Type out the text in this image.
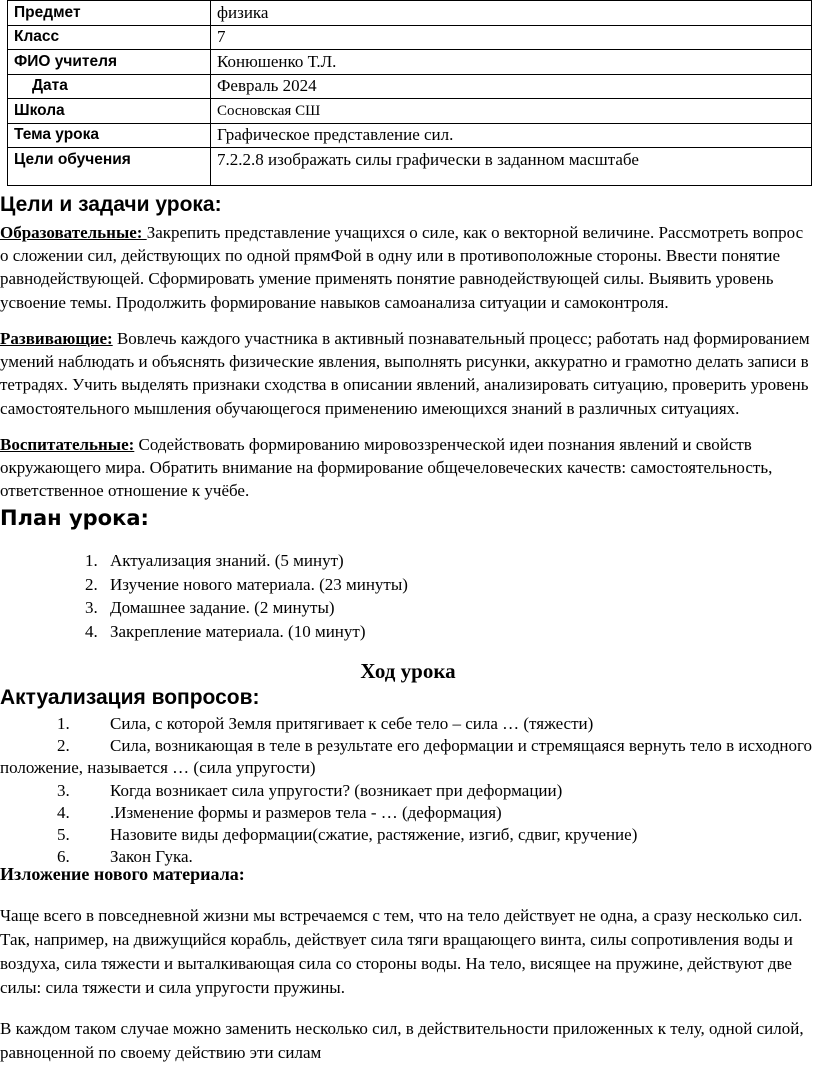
Предмет	физика
Класс	7
ФИО учителя	Конюшенко Т.Л.
Дата	Февраль 2024
Школа	Сосновская СШ
Тема урока	Графическое представление сил.
Цели обучения	7.2.2.8 изображать силы графически в заданном масштабе
Цели и задачи урока:
Образовательные: Закрепить представление учащихся о силе, как о векторной величине. Рассмотреть вопрос о сложении сил, действующих по одной прямФой в одну или в противоположные стороны. Ввести понятие равнодействующей. Сформировать умение применять понятие равнодействующей силы. Выявить уровень усвоение темы. Продолжить формирование навыков самоанализа ситуации и самоконтроля.
Развивающие: Вовлечь каждого участника в активный познавательный процесс; работать над формированием умений наблюдать и объяснять физические явления, выполнять рисунки, аккуратно и грамотно делать записи в тетрадях. Учить выделять признаки сходства в описании явлений, анализировать ситуацию, проверить уровень самостоятельного мышления обучающегося применению имеющихся знаний в различных ситуациях.
Воспитательные: Содействовать формированию мировоззренческой идеи познания явлений и свойств окружающего мира. Обратить внимание на формирование общечеловеческих качеств: самостоятельность, ответственное отношение к учёбе.
План урока:
1. Актуализация знаний. (5 минут)
2. Изучение нового материала. (23 минуты)
3. Домашнее задание. (2 минуты)
4. Закрепление материала. (10 минут)
Ход урока
Актуализация вопросов:
1. Сила, с которой Земля притягивает к себе тело – сила … (тяжести)
2. Сила, возникающая в теле в результате его деформации и стремящаяся вернуть тело в исходного положение, называется … (сила упругости)
3. Когда возникает сила упругости? (возникает при деформации)
4. .Изменение формы и размеров тела - … (деформация)
5. Назовите виды деформации(сжатие, растяжение, изгиб, сдвиг, кручение)
6. Закон Гука.
Изложение нового материала:
Чаще всего в повседневной жизни мы встречаемся с тем, что на тело действует не одна, а сразу несколько сил. Так, например, на движущийся корабль, действует сила тяги вращающего винта, силы сопротивления воды и воздуха, сила тяжести и выталкивающая сила со стороны воды. На тело, висящее на пружине, действуют две силы: сила тяжести и сила упругости пружины.
В каждом таком случае можно заменить несколько сил, в действительности приложенных к телу, одной силой, равноценной по своему действию эти силам
